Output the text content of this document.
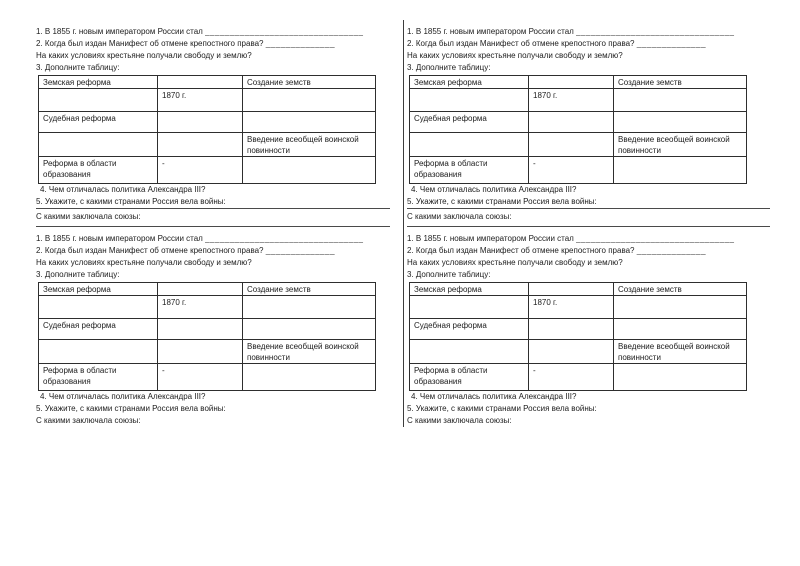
1. В 1855 г. новым императором России стал ________________________________

2. Когда был издан Манифест об отмене крепостного права? ______________

На каких условиях крестьяне получали свободу и землю?

3. Дополните таблицу:

Земская реформа		Создание земств
	1870 г.	
Судебная реформа		
		Введение всеобщей воинской повинности
Реформа в области образования	-	

4. Чем отличалась политика Александра III?

5. Укажите, с какими странами Россия вела войны:

С какими заключала союзы:

1. В 1855 г. новым императором России стал ________________________________

2. Когда был издан Манифест об отмене крепостного права? ______________

На каких условиях крестьяне получали свободу и землю?

3. Дополните таблицу:

Земская реформа		Создание земств
	1870 г.	
Судебная реформа		
		Введение всеобщей воинской повинности
Реформа в области образования	-	

4. Чем отличалась политика Александра III?

5. Укажите, с какими странами Россия вела войны:

С какими заключала союзы:

1. В 1855 г. новым императором России стал ________________________________

2. Когда был издан Манифест об отмене крепостного права? ______________

На каких условиях крестьяне получали свободу и землю?

3. Дополните таблицу:

Земская реформа		Создание земств
	1870 г.	
Судебная реформа		
		Введение всеобщей воинской повинности
Реформа в области образования	-	

4. Чем отличалась политика Александра III?

5. Укажите, с какими странами Россия вела войны:

С какими заключала союзы:

1. В 1855 г. новым императором России стал ________________________________

2. Когда был издан Манифест об отмене крепостного права? ______________

На каких условиях крестьяне получали свободу и землю?

3. Дополните таблицу:

Земская реформа		Создание земств
	1870 г.	
Судебная реформа		
		Введение всеобщей воинской повинности
Реформа в области образования	-	

4. Чем отличалась политика Александра III?

5. Укажите, с какими странами Россия вела войны:

С какими заключала союзы:
